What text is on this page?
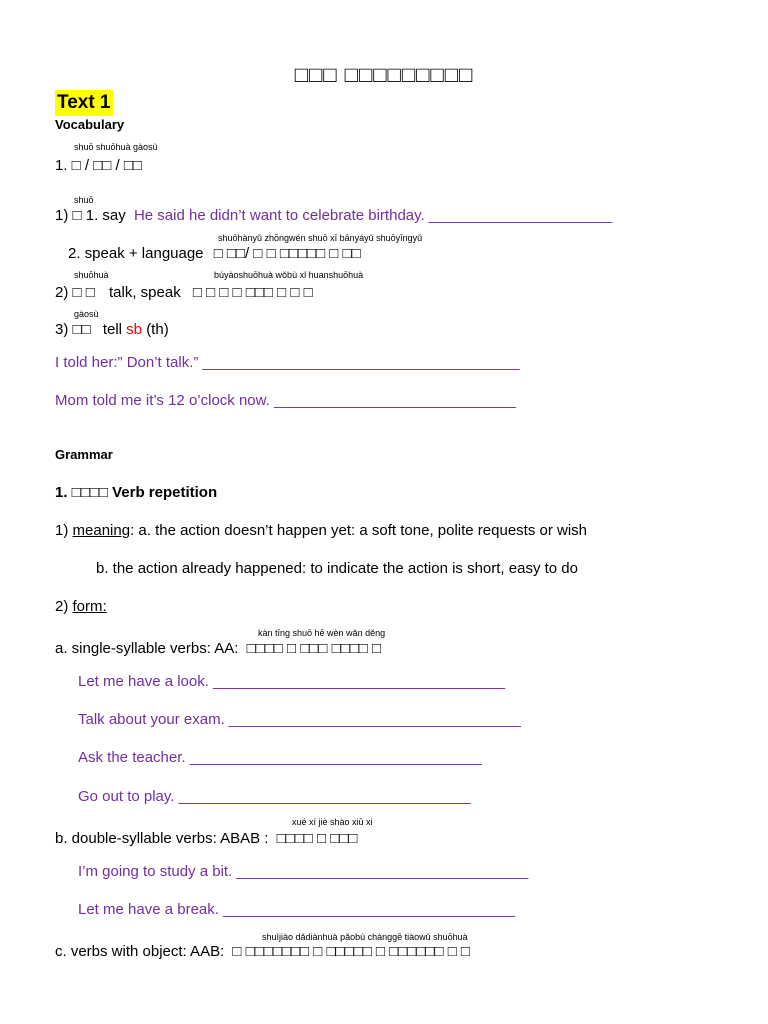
□□□ □□□□□□□□□
Text 1
Vocabulary
shuō shuōhuà gàosù
1. □ / □□ / □□
shuō
1) □ 1. say He said he didn’t want to celebrate birthday. ______________________
shuōhànyǔ zhōngwén shuō xī bānyáyǔ shuōyīngyǔ
2. speak + language □ □□/ □ □ □□□□□ □ □□
shuōhuà	búyàoshuōhuà wǒbù xǐ huanshuōhuà
2) □ □ talk, speak □ □ □ □ □□□ □ □ □
gàosù
3) □□ tell sb (th)
I told her:” Don’t talk.” ______________________________________
Mom told me it’s 12 o’clock now. _____________________________
Grammar
1. □□□□ Verb repetition
1) meaning: a. the action doesn’t happen yet: a soft tone, polite requests or wish
b. the action already happened: to indicate the action is short, easy to do
2) form:
kàn tīng shuō hē wèn wǎn děng
a. single-syllable verbs: AA: □□□□ □ □□□ □□□□ □
Let me have a look. ___________________________________
Talk about your exam. ___________________________________
Ask the teacher. ___________________________________
Go out to play. ___________________________________
xué xí jiè shào xiū xi
b. double-syllable verbs: ABAB : □□□□ □ □□□
I’m going to study a bit. ___________________________________
Let me have a break. ___________________________________
shuìjiào dǎdiànhuà pǎobù chànggē tiàowǔ shuōhuà
c. verbs with object: AAB: □ □□□□□□□ □ □□□□□ □ □□□□□□ □ □
